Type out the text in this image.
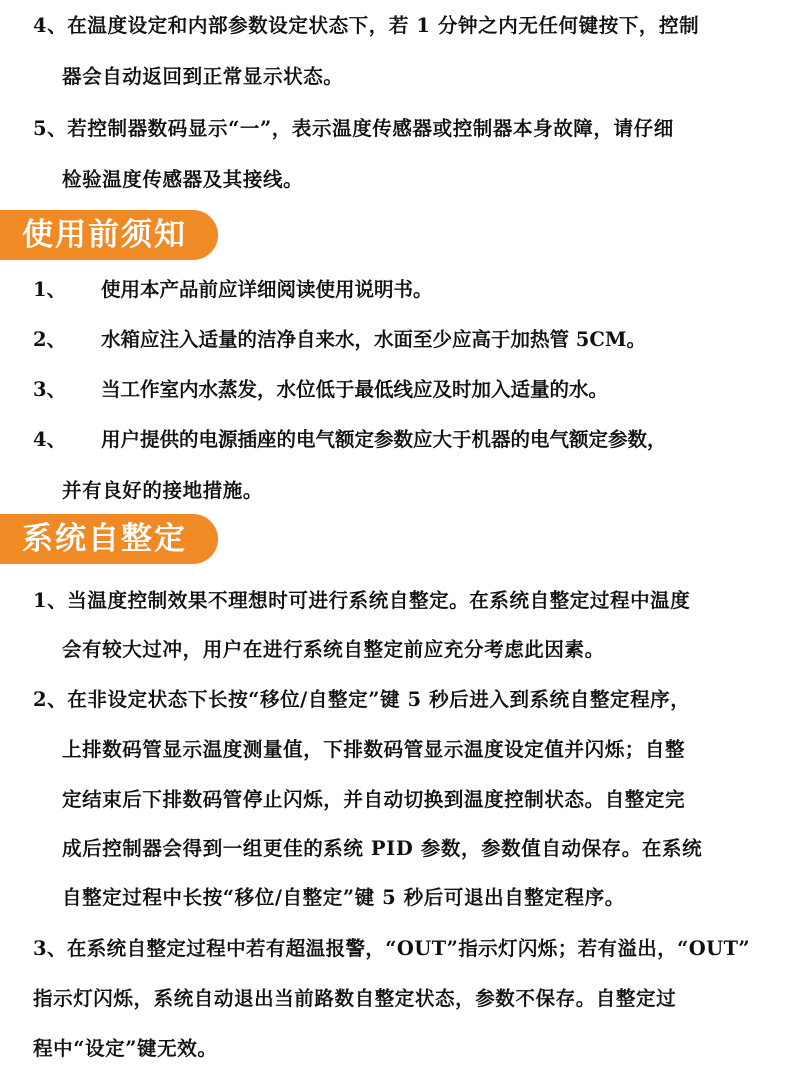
4、在温度设定和内部参数设定状态下，若 1 分钟之内无任何键按下，控制
器会自动返回到正常显示状态。
5、若控制器数码显示“一”，表示温度传感器或控制器本身故障，请仔细
检验温度传感器及其接线。
使用前须知
1、 使用本产品前应详细阅读使用说明书。
2、 水箱应注入适量的洁净自来水，水面至少应高于加热管 5CM。
3、 当工作室内水蒸发，水位低于最低线应及时加入适量的水。
4、 用户提供的电源插座的电气额定参数应大于机器的电气额定参数，
并有良好的接地措施。
系统自整定
1、当温度控制效果不理想时可进行系统自整定。在系统自整定过程中温度
会有较大过冲，用户在进行系统自整定前应充分考虑此因素。
2、在非设定状态下长按“移位/自整定”键 5 秒后进入到系统自整定程序，
上排数码管显示温度测量值，下排数码管显示温度设定值并闪烁；自整
定结束后下排数码管停止闪烁，并自动切换到温度控制状态。自整定完
成后控制器会得到一组更佳的系统 PID 参数，参数值自动保存。在系统
自整定过程中长按“移位/自整定”键 5 秒后可退出自整定程序。
3、在系统自整定过程中若有超温报警，“OUT”指示灯闪烁；若有溢出，“OUT”
指示灯闪烁，系统自动退出当前路数自整定状态，参数不保存。自整定过
程中“设定”键无效。
